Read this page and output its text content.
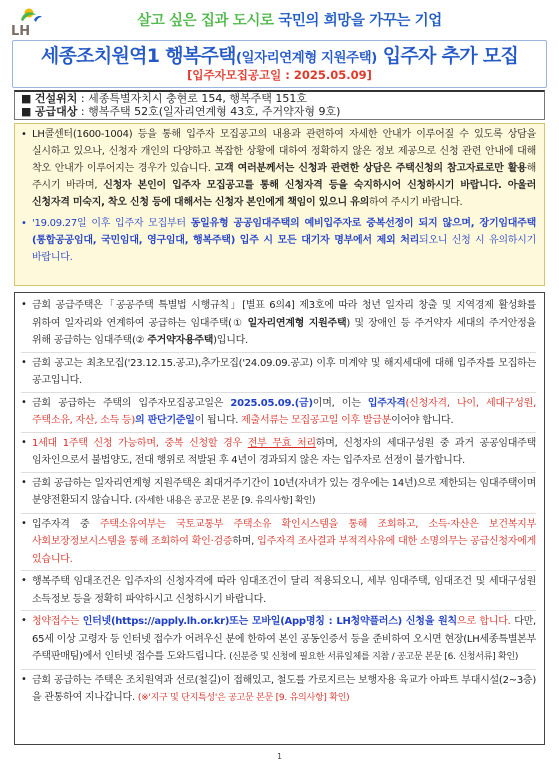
LH
살고 싶은 집과 도시로 국민의 희망을 가꾸는 기업
세종조치원역1 행복주택(일자리연계형 지원주택) 입주자 추가 모집
[입주자모집공고일 : 2025.05.09]
■ 건설위치 : 세종특별자치시 충현로 154, 행복주택 151호
■ 공급대상 : 행복주택 52호(일자리연계형 43호, 주거약자형 9호)
• LH콜센터(1600-1004) 등을 통해 입주자 모집공고의 내용과 관련하여 자세한 안내가 이루어질 수 있도록 상담을 실시하고 있으나, 신청자 개인의 다양하고 복잡한 상황에 대하여 정확하지 않은 정보 제공으로 신청 관련 안내에 대해 착오 안내가 이루어지는 경우가 있습니다. 고객 여러분께서는 신청과 관련한 상담은 주택신청의 참고자료로만 활용해 주시기 바라며, 신청자 본인이 입주자 모집공고를 통해 신청자격 등을 숙지하시어 신청하시기 바랍니다. 아울러 신청자격 미숙지, 착오 신청 등에 대해서는 신청자 본인에게 책임이 있으니 유의하여 주시기 바랍니다.
• '19.09.27일 이후 입주자 모집부터 동일유형 공공임대주택의 예비입주자로 중복선정이 되지 않으며, 장기임대주택(통합공공임대, 국민임대, 영구임대, 행복주택) 입주 시 모든 대기자 명부에서 제외 처리되오니 신청 시 유의하시기 바랍니다.
• 금회 공급주택은「공공주택 특별법 시행규칙」[별표 6의4] 제3호에 따라 청년 일자리 창출 및 지역경제 활성화를 위하여 일자리와 연계하여 공급하는 임대주택(① 일자리연계형 지원주택) 및 장애인 등 주거약자 세대의 주거안정을 위해 공급하는 임대주택(② 주거약자용주택)입니다.
• 금회 공고는 최초모집('23.12.15.공고),추가모집('24.09.09.공고) 이후 미계약 및 해지세대에 대해 입주자를 모집하는 공고입니다.
• 금회 공급하는 주택의 입주자모집공고일은 2025.05.09.(금)이며, 이는 입주자격(신청자격, 나이, 세대구성원, 주택소유, 자산, 소득 등)의 판단기준일이 됩니다. 제출서류는 모집공고일 이후 발급분이어야 합니다.
• 1세대 1주택 신청 가능하며, 중복 신청할 경우 전부 무효 처리하며, 신청자의 세대구성원 중 과거 공공임대주택 임차인으로서 불법양도, 전대 행위로 적발된 후 4년이 경과되지 않은 자는 입주자로 선정이 불가합니다.
• 금회 공급하는 일자리연계형 지원주택은 최대거주기간이 10년(자녀가 있는 경우에는 14년)으로 제한되는 임대주택이며 분양전환되지 않습니다. (자세한 내용은 공고문 본문 [9. 유의사항] 확인)
• 입주자격 중 주택소유여부는 국토교통부 주택소유 확인시스템을 통해 조회하고, 소득·자산은 보건복지부 사회보장정보시스템을 통해 조회하여 확인·검증하며, 입주자격 조사결과 부적격사유에 대한 소명의무는 공급신청자에게 있습니다.
• 행복주택 임대조건은 입주자의 신청자격에 따라 임대조건이 달리 적용되오니, 세부 임대주택, 임대조건 및 세대구성원 소득정보 등을 정확히 파악하시고 신청하시기 바랍니다.
• 청약접수는 인터넷(https://apply.lh.or.kr)또는 모바일(App명칭 : LH청약플러스) 신청을 원칙으로 합니다. 다만, 65세 이상 고령자 등 인터넷 접수가 어려우신 분에 한하여 본인 공동인증서 등을 준비하여 오시면 현장(LH세종특별본부 주택판매팀)에서 인터넷 접수를 도와드립니다. (신분증 및 신청에 필요한 서류일체를 지참 / 공고문 본문 [6. 신청서류] 확인)
• 금회 공급하는 주택은 조치원역과 선로(철길)이 접해있고, 철도를 가로지르는 보행자용 육교가 아파트 부대시설(2~3층)을 관통하여 지나갑니다. (※'지구 및 단지특성'은 공고문 본문 [9. 유의사항] 확인)
1
